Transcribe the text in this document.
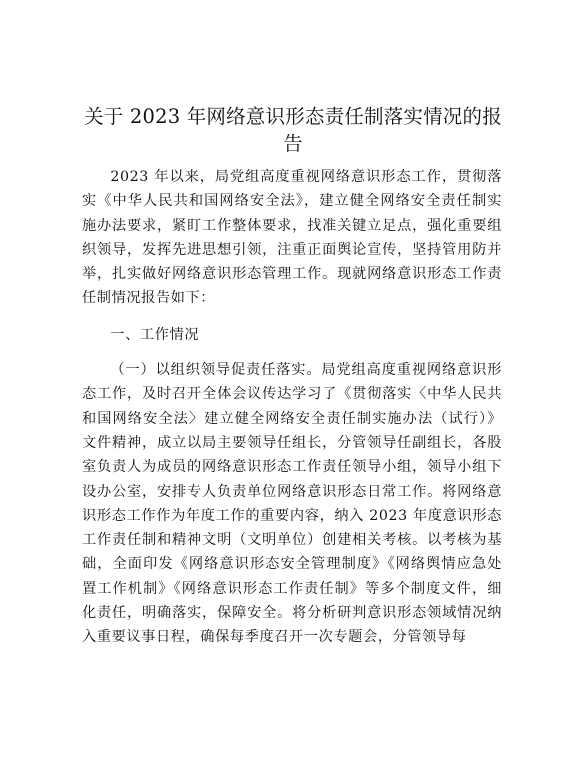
关于 2023 年网络意识形态责任制落实情况的报告

2023 年以来，局党组高度重视网络意识形态工作，贯彻落实《中华人民共和国网络安全法》，建立健全网络安全责任制实施办法要求，紧盯工作整体要求，找准关键立足点，强化重要组织领导，发挥先进思想引领，注重正面舆论宣传，坚持管用防并举，扎实做好网络意识形态管理工作。现就网络意识形态工作责任制情况报告如下：

一、工作情况

（一）以组织领导促责任落实。局党组高度重视网络意识形态工作，及时召开全体会议传达学习了《贯彻落实〈中华人民共和国网络安全法〉建立健全网络安全责任制实施办法（试行）》文件精神，成立以局主要领导任组长，分管领导任副组长，各股室负责人为成员的网络意识形态工作责任领导小组，领导小组下设办公室，安排专人负责单位网络意识形态日常工作。将网络意识形态工作作为年度工作的重要内容，纳入 2023 年度意识形态工作责任制和精神文明（文明单位）创建相关考核。以考核为基础，全面印发《网络意识形态安全管理制度》《网络舆情应急处置工作机制》《网络意识形态工作责任制》等多个制度文件，细化责任，明确落实，保障安全。将分析研判意识形态领域情况纳入重要议事日程，确保每季度召开一次专题会，分管领导每
